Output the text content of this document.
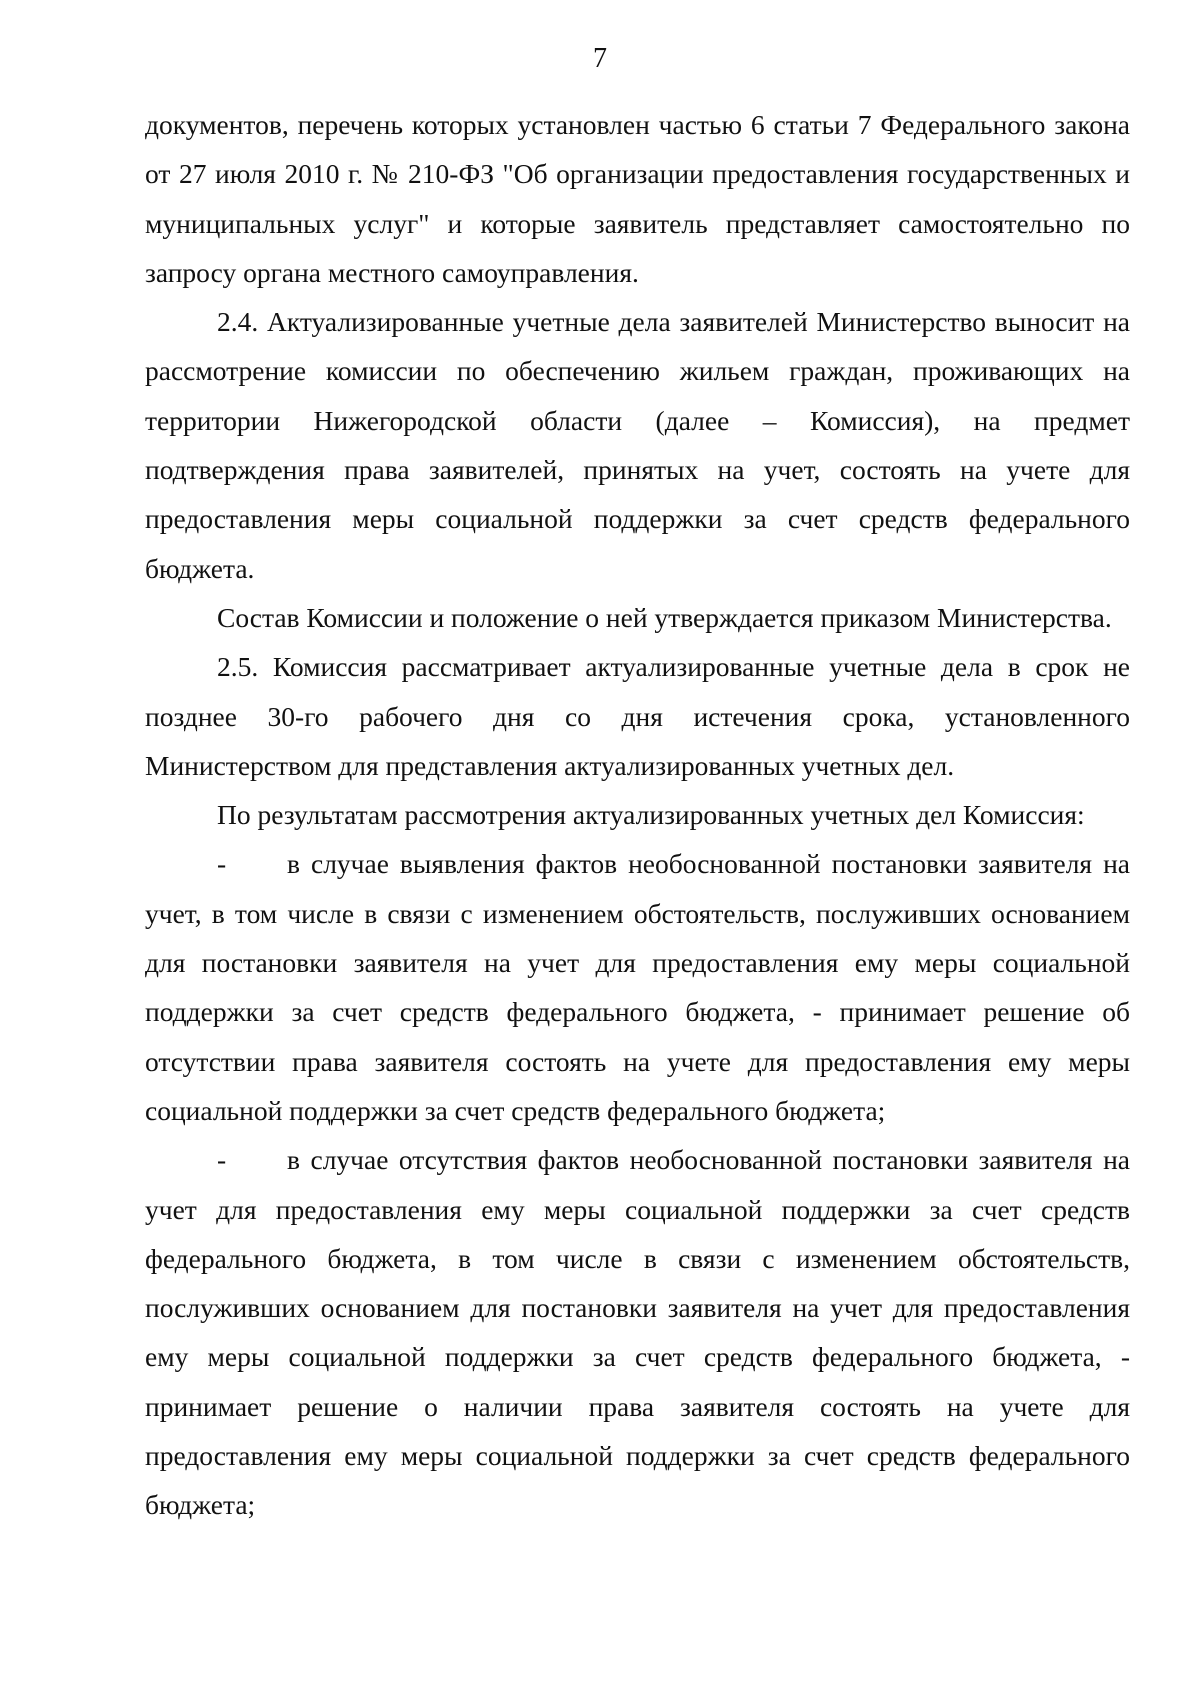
7

документов, перечень которых установлен частью 6 статьи 7 Федерального закона от 27 июля 2010 г. № 210-ФЗ "Об организации предоставления государственных и муниципальных услуг" и которые заявитель представляет самостоятельно по запросу органа местного самоуправления.

2.4. Актуализированные учетные дела заявителей Министерство выносит на рассмотрение комиссии по обеспечению жильем граждан, проживающих на территории Нижегородской области (далее – Комиссия), на предмет подтверждения права заявителей, принятых на учет, состоять на учете для предоставления меры социальной поддержки за счет средств федерального бюджета.

Состав Комиссии и положение о ней утверждается приказом Министерства.

2.5. Комиссия рассматривает актуализированные учетные дела в срок не позднее 30-го рабочего дня со дня истечения срока, установленного Министерством для представления актуализированных учетных дел.

По результатам рассмотрения актуализированных учетных дел Комиссия:

- в случае выявления фактов необоснованной постановки заявителя на учет, в том числе в связи с изменением обстоятельств, послуживших основанием для постановки заявителя на учет для предоставления ему меры социальной поддержки за счет средств федерального бюджета, - принимает решение об отсутствии права заявителя состоять на учете для предоставления ему меры социальной поддержки за счет средств федерального бюджета;

- в случае отсутствия фактов необоснованной постановки заявителя на учет для предоставления ему меры социальной поддержки за счет средств федерального бюджета, в том числе в связи с изменением обстоятельств, послуживших основанием для постановки заявителя на учет для предоставления ему меры социальной поддержки за счет средств федерального бюджета, - принимает решение о наличии права заявителя состоять на учете для предоставления ему меры социальной поддержки за счет средств федерального бюджета;
